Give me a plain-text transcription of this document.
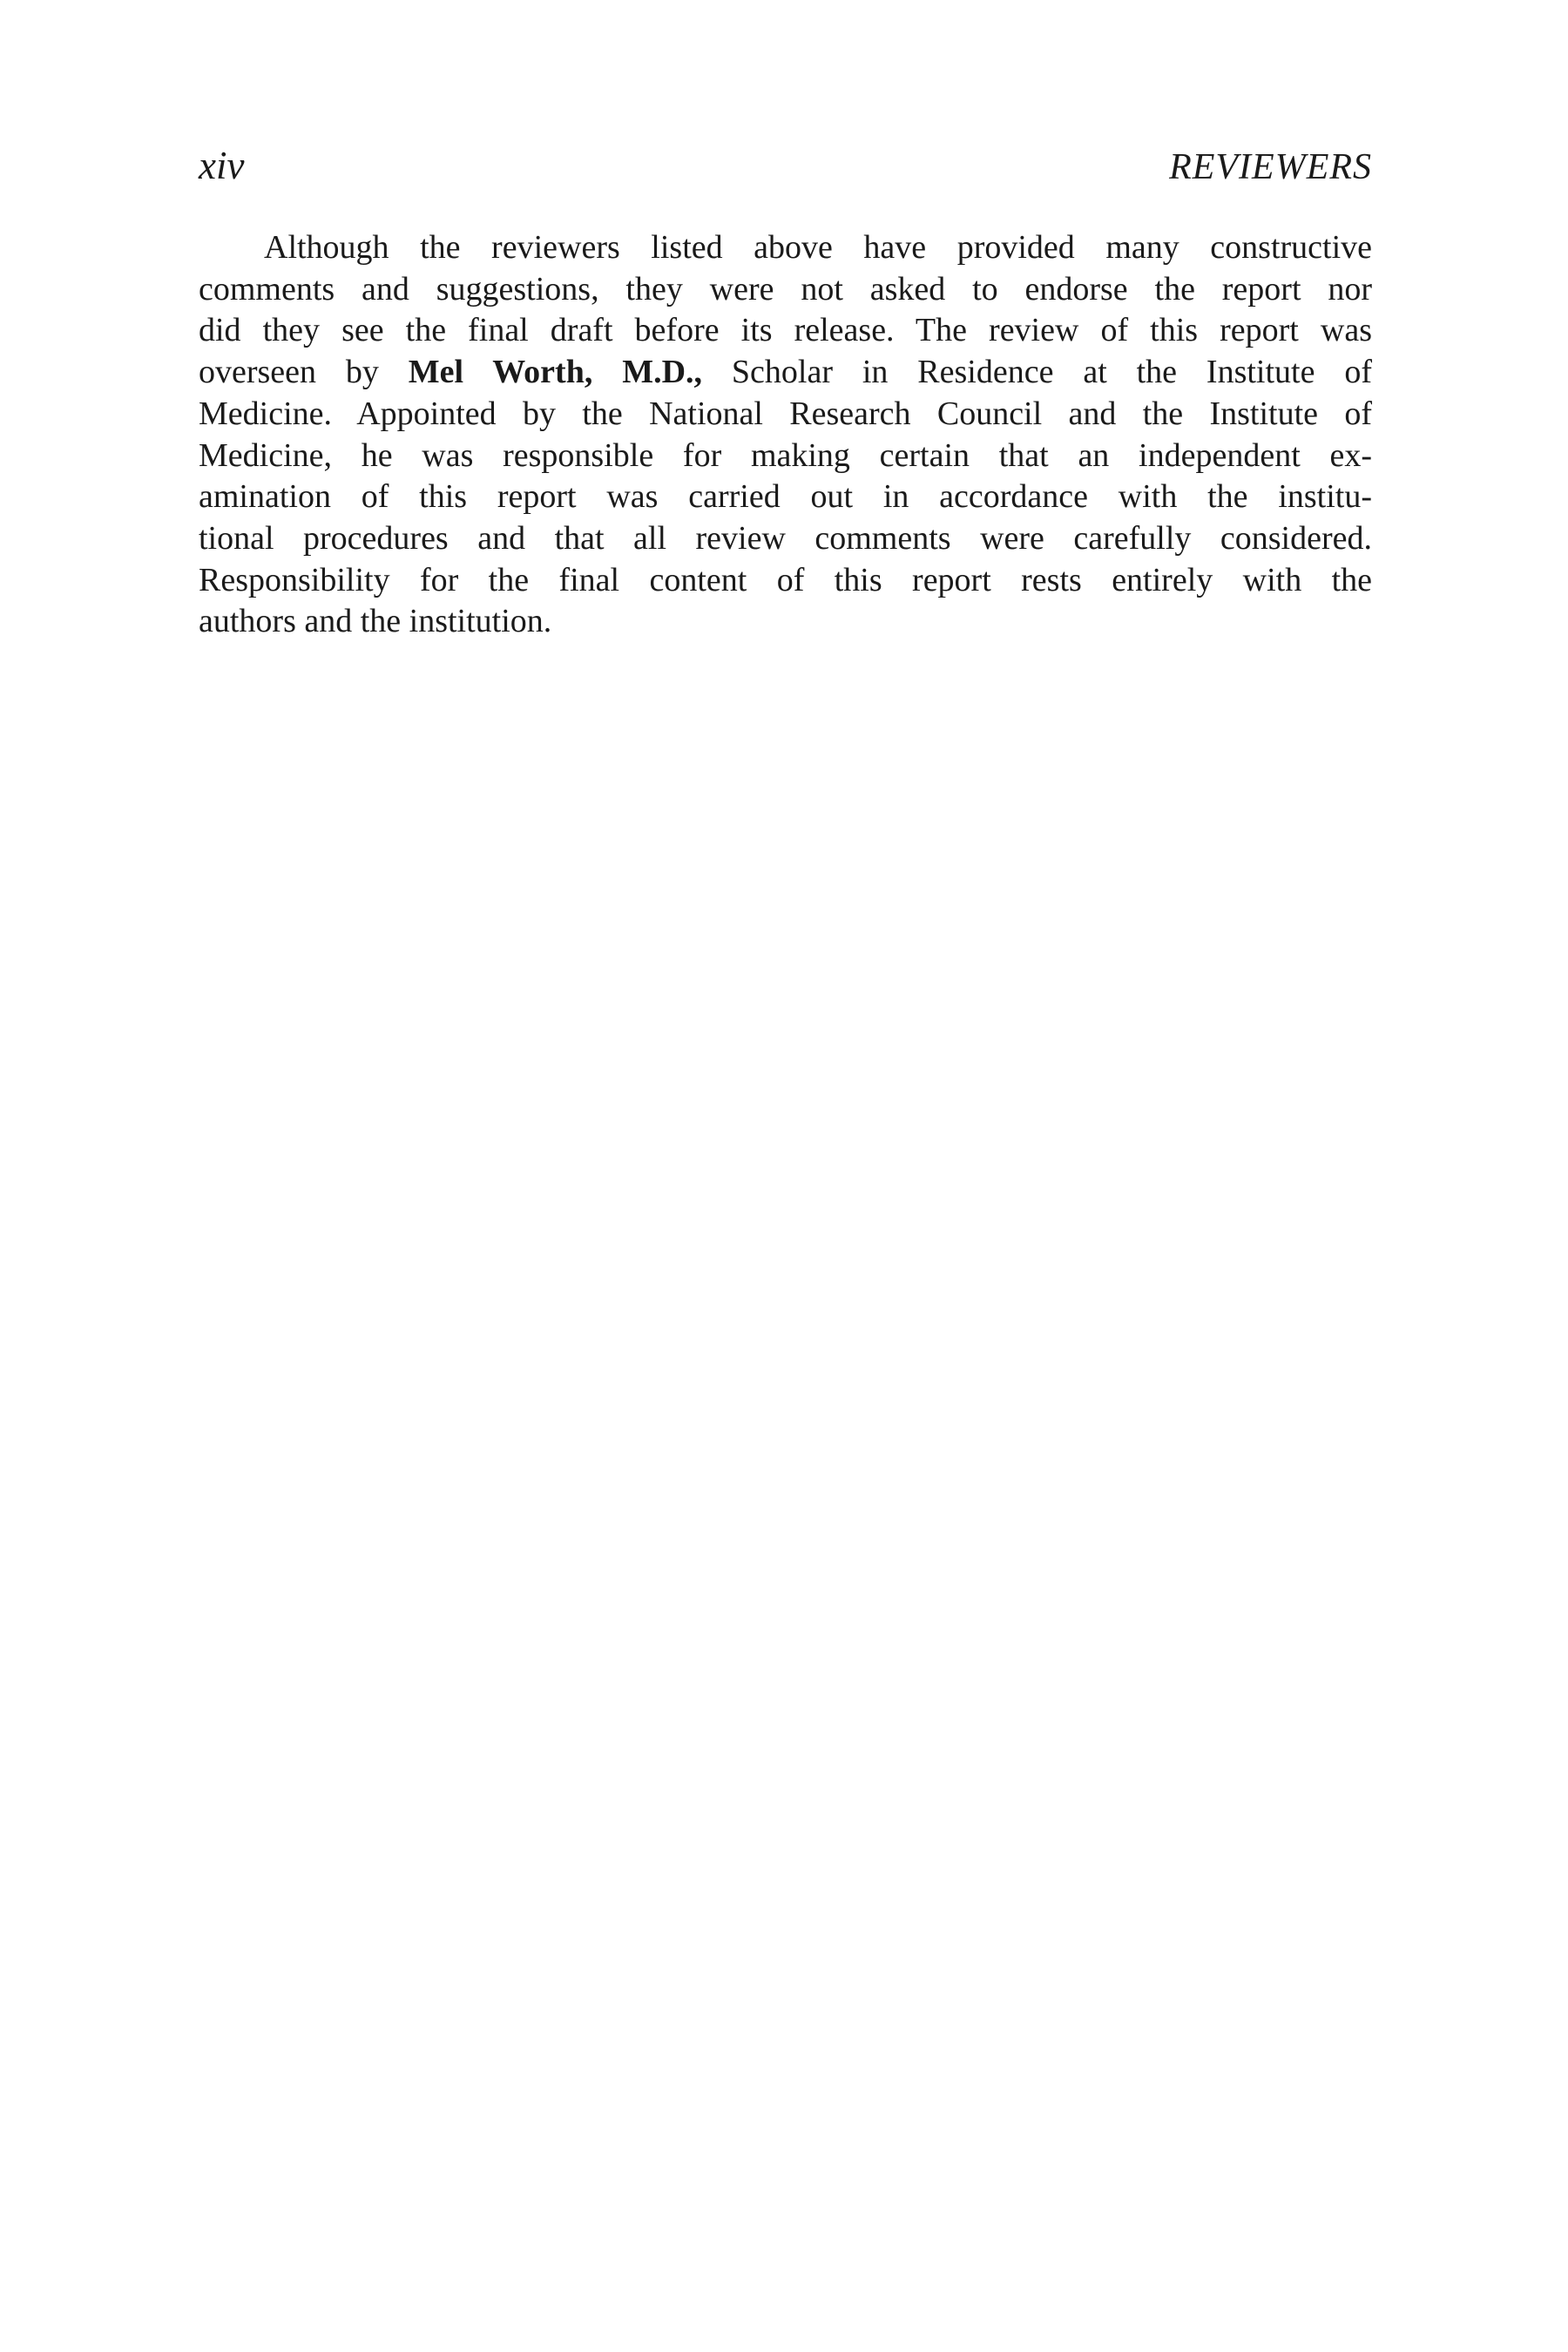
xiv	REVIEWERS
Although the reviewers listed above have provided many constructive
comments and suggestions, they were not asked to endorse the report nor
did they see the final draft before its release. The review of this report was
overseen by Mel Worth, M.D., Scholar in Residence at the Institute of
Medicine. Appointed by the National Research Council and the Institute of
Medicine, he was responsible for making certain that an independent ex-
amination of this report was carried out in accordance with the institu-
tional procedures and that all review comments were carefully considered.
Responsibility for the final content of this report rests entirely with the
authors and the institution.
